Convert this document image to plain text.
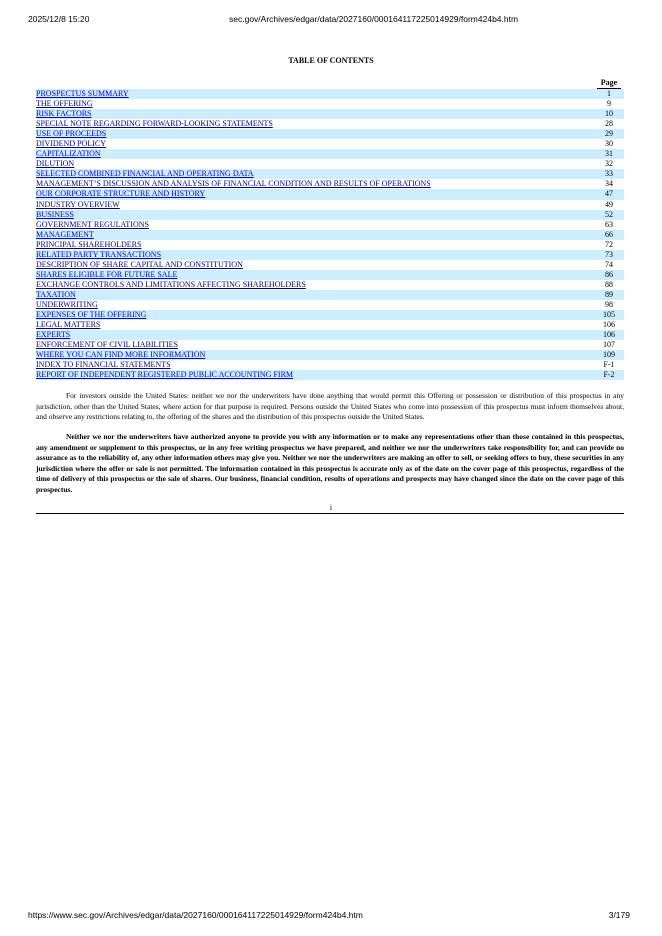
2025/12/8 15:20	sec.gov/Archives/edgar/data/2027160/000164117225014929/form424b4.htm
TABLE OF CONTENTS
	Page
PROSPECTUS SUMMARY	1
THE OFFERING	9
RISK FACTORS	10
SPECIAL NOTE REGARDING FORWARD-LOOKING STATEMENTS	28
USE OF PROCEEDS	29
DIVIDEND POLICY	30
CAPITALIZATION	31
DILUTION	32
SELECTED COMBINED FINANCIAL AND OPERATING DATA	33
MANAGEMENT’S DISCUSSION AND ANALYSIS OF FINANCIAL CONDITION AND RESULTS OF OPERATIONS	34
OUR CORPORATE STRUCTURE AND HISTORY	47
INDUSTRY OVERVIEW	49
BUSINESS	52
GOVERNMENT REGULATIONS	63
MANAGEMENT	66
PRINCIPAL SHAREHOLDERS	72
RELATED PARTY TRANSACTIONS	73
DESCRIPTION OF SHARE CAPITAL AND CONSTITUTION	74
SHARES ELIGIBLE FOR FUTURE SALE	86
EXCHANGE CONTROLS AND LIMITATIONS AFFECTING SHAREHOLDERS	88
TAXATION	89
UNDERWRITING	98
EXPENSES OF THE OFFERING	105
LEGAL MATTERS	106
EXPERTS	106
ENFORCEMENT OF CIVIL LIABILITIES	107
WHERE YOU CAN FIND MORE INFORMATION	109
INDEX TO FINANCIAL STATEMENTS	F-1
REPORT OF INDEPENDENT REGISTERED PUBLIC ACCOUNTING FIRM	F-2
For investors outside the United States: neither we nor the underwriters have done anything that would permit this Offering or possession or distribution of this prospectus in any jurisdiction, other than the United States, where action for that purpose is required. Persons outside the United States who come into possession of this prospectus must inform themselves about, and observe any restrictions relating to, the offering of the shares and the distribution of this prospectus outside the United States.
Neither we nor the underwriters have authorized anyone to provide you with any information or to make any representations other than those contained in this prospectus, any amendment or supplement to this prospectus, or in any free writing prospectus we have prepared, and neither we nor the underwriters take responsibility for, and can provide no assurance as to the reliability of, any other information others may give you. Neither we nor the underwriters are making an offer to sell, or seeking offers to buy, these securities in any jurisdiction where the offer or sale is not permitted. The information contained in this prospectus is accurate only as of the date on the cover page of this prospectus, regardless of the time of delivery of this prospectus or the sale of shares. Our business, financial condition, results of operations and prospects may have changed since the date on the cover page of this prospectus.
i
https://www.sec.gov/Archives/edgar/data/2027160/000164117225014929/form424b4.htm	3/179
